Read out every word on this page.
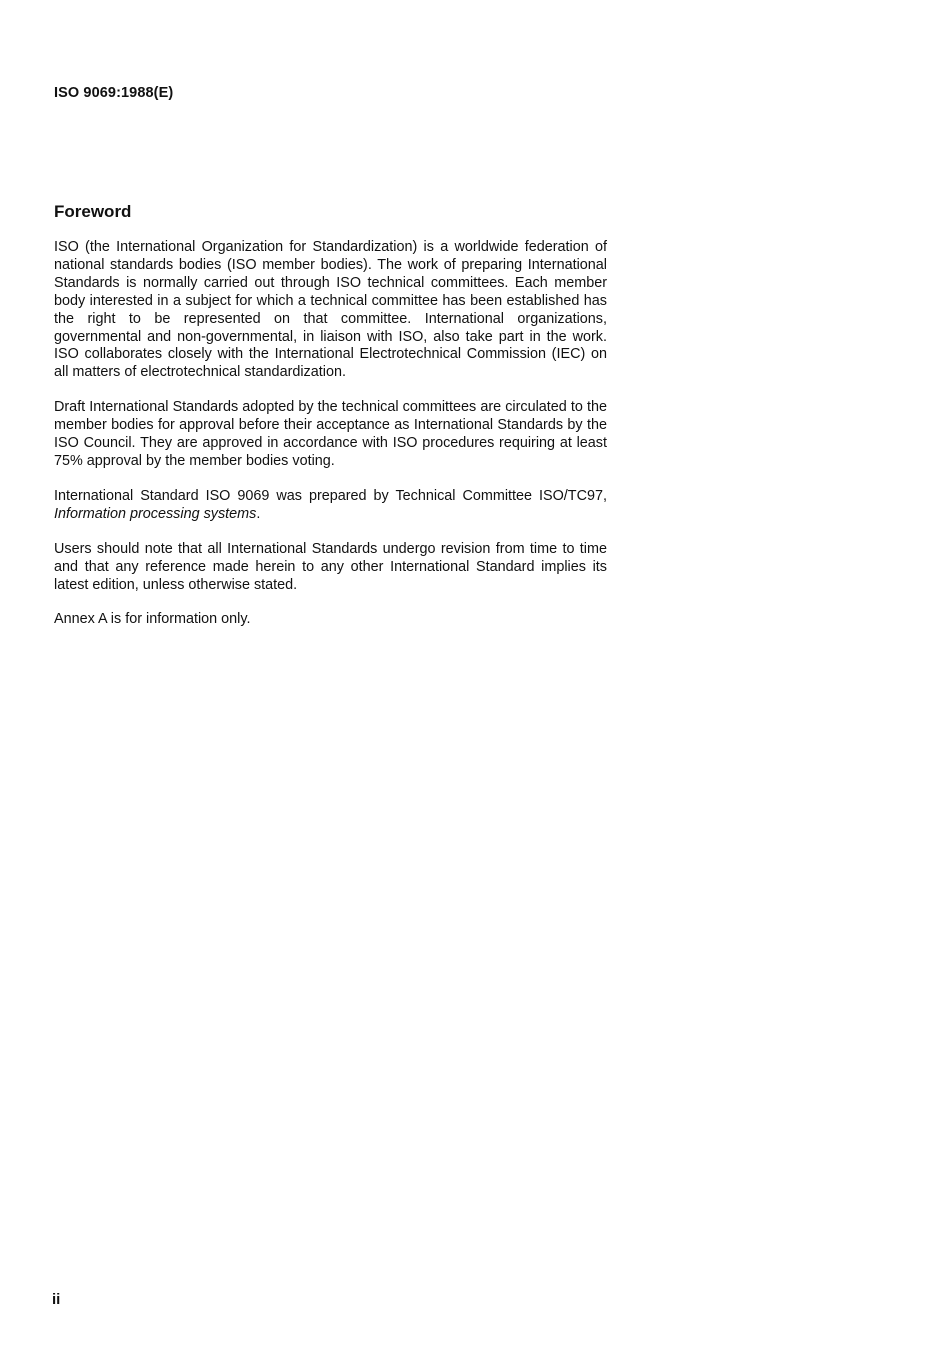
ISO 9069:1988(E)
Foreword

ISO (the International Organization for Standardization) is a worldwide federation of national standards bodies (ISO member bodies). The work of preparing International Standards is normally carried out through ISO technical committees. Each member body interested in a subject for which a technical committee has been established has the right to be represented on that committee. International organizations, governmental and non-governmental, in liaison with ISO, also take part in the work. ISO collaborates closely with the International Electrotechnical Commission (IEC) on all matters of electrotechnical standardization.

Draft International Standards adopted by the technical committees are circulated to the member bodies for approval before their acceptance as International Standards by the ISO Council. They are approved in accordance with ISO procedures requiring at least 75% approval by the member bodies voting.

International Standard ISO 9069 was prepared by Technical Committee ISO/TC97, Information processing systems.

Users should note that all International Standards undergo revision from time to time and that any reference made herein to any other International Standard implies its latest edition, unless otherwise stated.

Annex A is for information only.

ii
